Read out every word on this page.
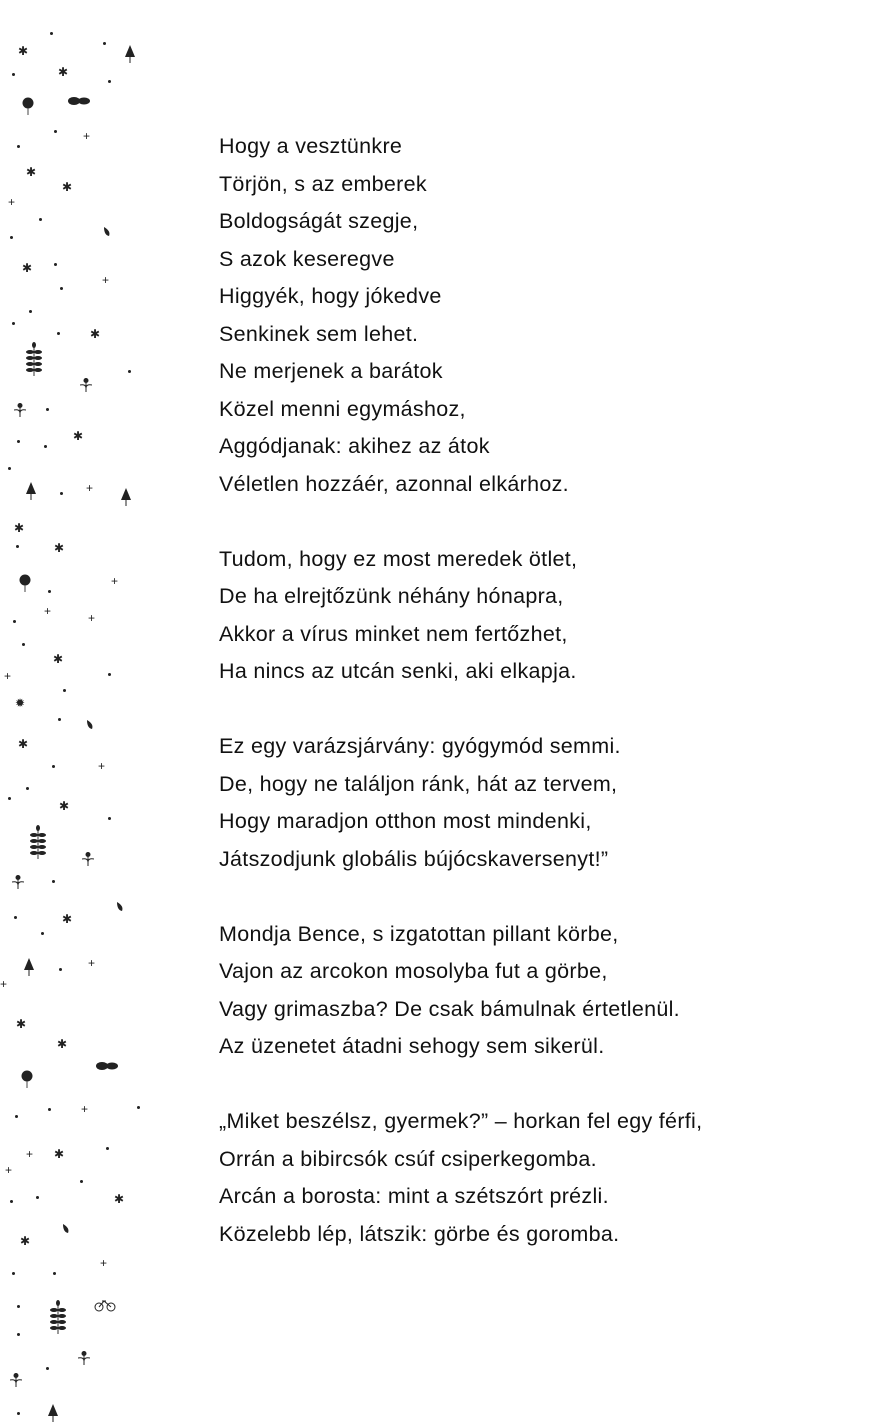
✱
✱
+
✱
✱
+
✱
+
✱
✱
+
✱
✱
+
+	+
✱
+
✹
✱
+
✱
✱
+
+
✱
✱
+
+ ✱
+
✱
✱
+
Hogy a vesztünkre
Törjön, s az emberek
Boldogságát szegje,
S azok keseregve
Higgyék, hogy jókedve
Senkinek sem lehet.
Ne merjenek a barátok
Közel menni egymáshoz,
Aggódjanak: akihez az átok
Véletlen hozzáér, azonnal elkárhoz.
Tudom, hogy ez most meredek ötlet,
De ha elrejtőzünk néhány hónapra,
Akkor a vírus minket nem fertőzhet,
Ha nincs az utcán senki, aki elkapja.
Ez egy varázsjárvány: gyógymód semmi.
De, hogy ne találjon ránk, hát az tervem,
Hogy maradjon otthon most mindenki,
Játszodjunk globális bújócskaversenyt!”
Mondja Bence, s izgatottan pillant körbe,
Vajon az arcokon mosolyba fut a görbe,
Vagy grimaszba? De csak bámulnak értetlenül.
Az üzenetet átadni sehogy sem sikerül.
„Miket beszélsz, gyermek?” – horkan fel egy férfi,
Orrán a bibircsók csúf csiperkegomba.
Arcán a borosta: mint a szétszórt prézli.
Közelebb lép, látszik: görbe és goromba.
